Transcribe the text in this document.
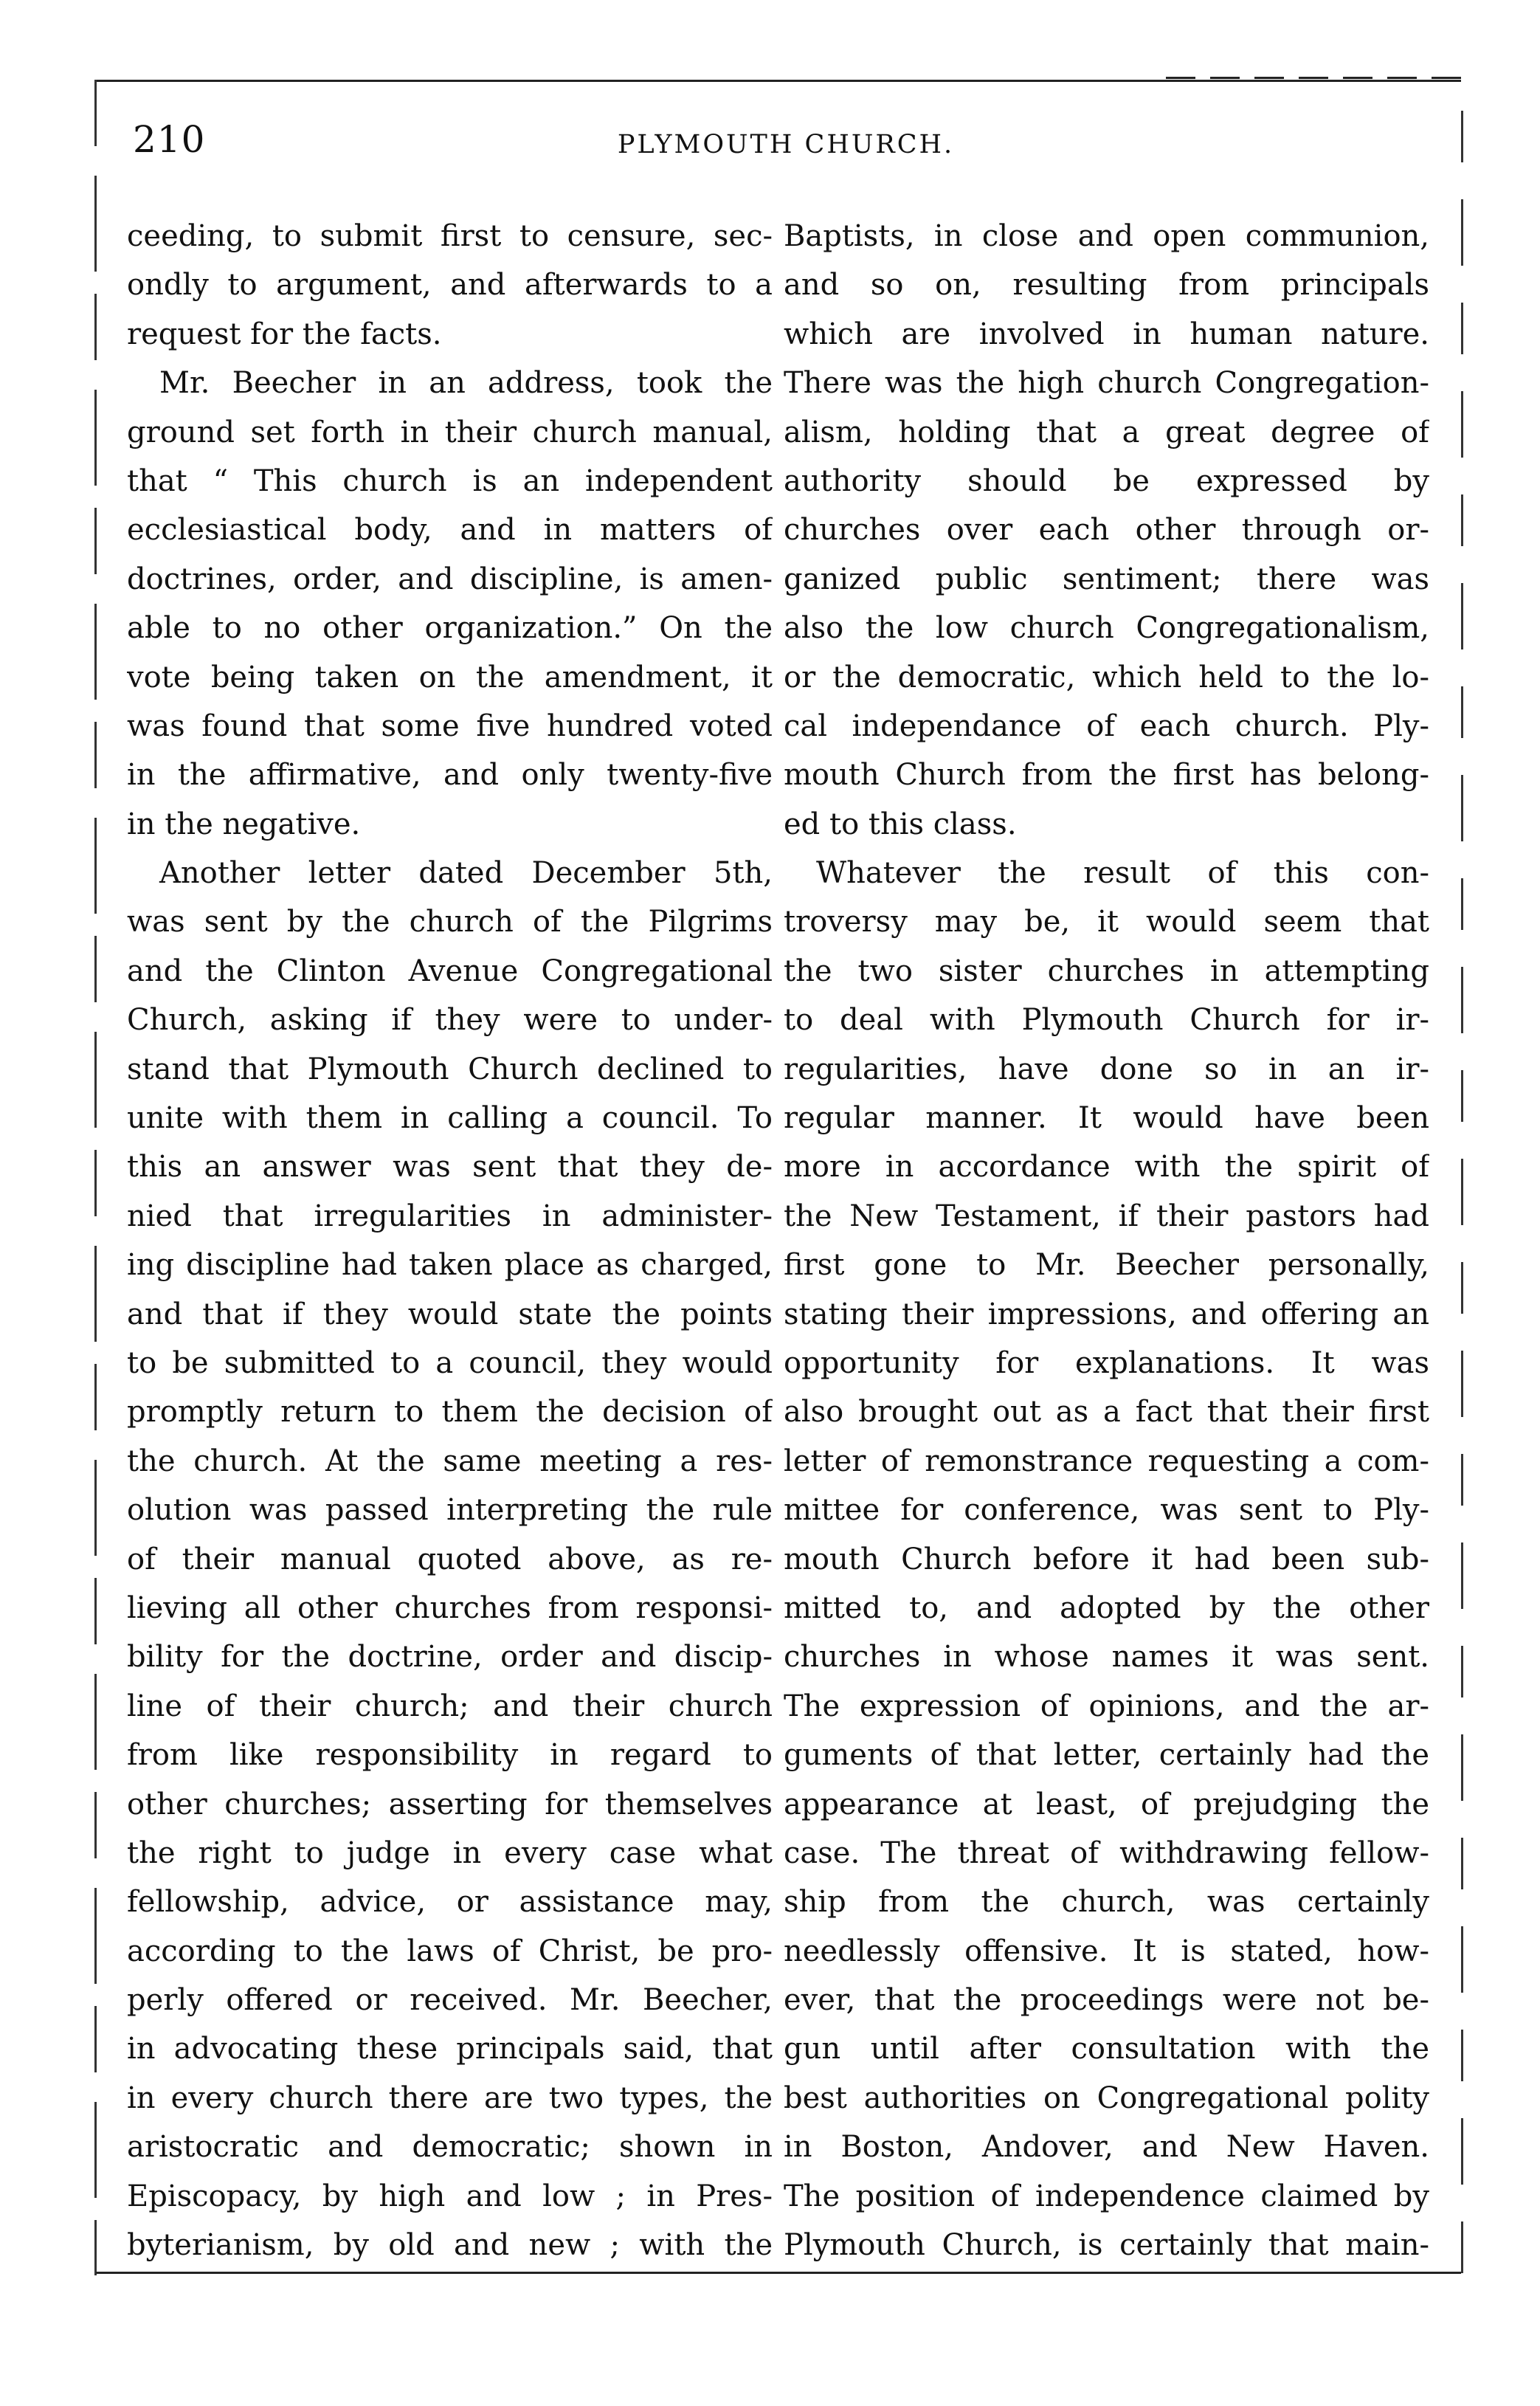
210	PLYMOUTH CHURCH.
ceeding, to submit first to censure, sec-
ondly to ar⁠⁠⁠gument, and afterwards to a
request for the facts.
Mr. Beecher in an address, took the
ground set forth in their church manual,
that “ This church is an independent
ecclesiastical body, and in matters of
doctrines, order, and discipline, is amen-
able to no other organization.” On the
vote being taken on the amendment, it
was found that some five hundred voted
in the affirmative, and only twenty-five
in the negative.
Another letter dated December 5th,
was sent by the church of the Pilgrims
and the Clinton Avenue Congregational
Church, asking if they were to under-
stand that Plymouth Church declined to
unite with them in calling a council. To
this an answer was sent that they de-
nied that irregularities in administer-
ing discipline had taken place as charged,
and that if they would state the points
to be submitted to a council, they would
promptly return to them the decision of
the church. At the same meeting a res-
olution was passed interpreting the rule
of their manual quoted above, as re-
lieving all other churches from responsi-
bility for the doctrine, order and discip-
line of their church; and their church
from like responsibility in regard to
other churches; asserting for themselves
the right to judge in every case what
fellowship, advice, or assistance may,
according to the laws of Christ, be pro-
perly offered or received. Mr. Beecher,
in advocating these principals said, that
in every church there are two types, the
aristocratic and democratic; shown in
Episcopacy, by high and low ; in Pres-
byterianism, by old and new ; with the
Baptists, in close and open communion,
and so on, resulting from principals
which are involved in human nature.
There was the high church Congregation-
alism, holding that a great degree of
authority should be expressed by
churches over each other through or-
ganized public sentiment; there was
also the low church Congregationalism,
or the democratic, which held to the lo-
cal independance of each church. Ply-
mouth Church from the first has belong-
ed to this class.
Whatever the result of this con-
troversy may be, it would seem that
the two sister churches in attempting
to deal with Plymouth Church for ir-
regularities, have done so in an ir-
regular manner. It would have been
more in accordance with the spirit of
the New Testament, if their pastors had
first gone to Mr. Beecher personally,
stating their impressions, and offering an
opportunity for explanations. It was
also brought out as a fact that their first
letter of remonstrance requesting a com-
mittee for conference, was sent to Ply-
mouth Church before it had been sub-
mitted to, and adopted by the other
churches in whose names it was sent.
The expression of opinions, and the ar-
guments of that letter, certainly had the
appearance at least, of prejudging the
case. The threat of withdrawing fellow-
ship from the church, was certainly
needlessly offensive. It is stated, how-
ever, that the proceedings were not be-
gun until after consultation with the
best authorities on Congregational polity
in Boston, Andover, and New Haven.
The position of independence claimed by
Plymouth Church, is certainly that main-
